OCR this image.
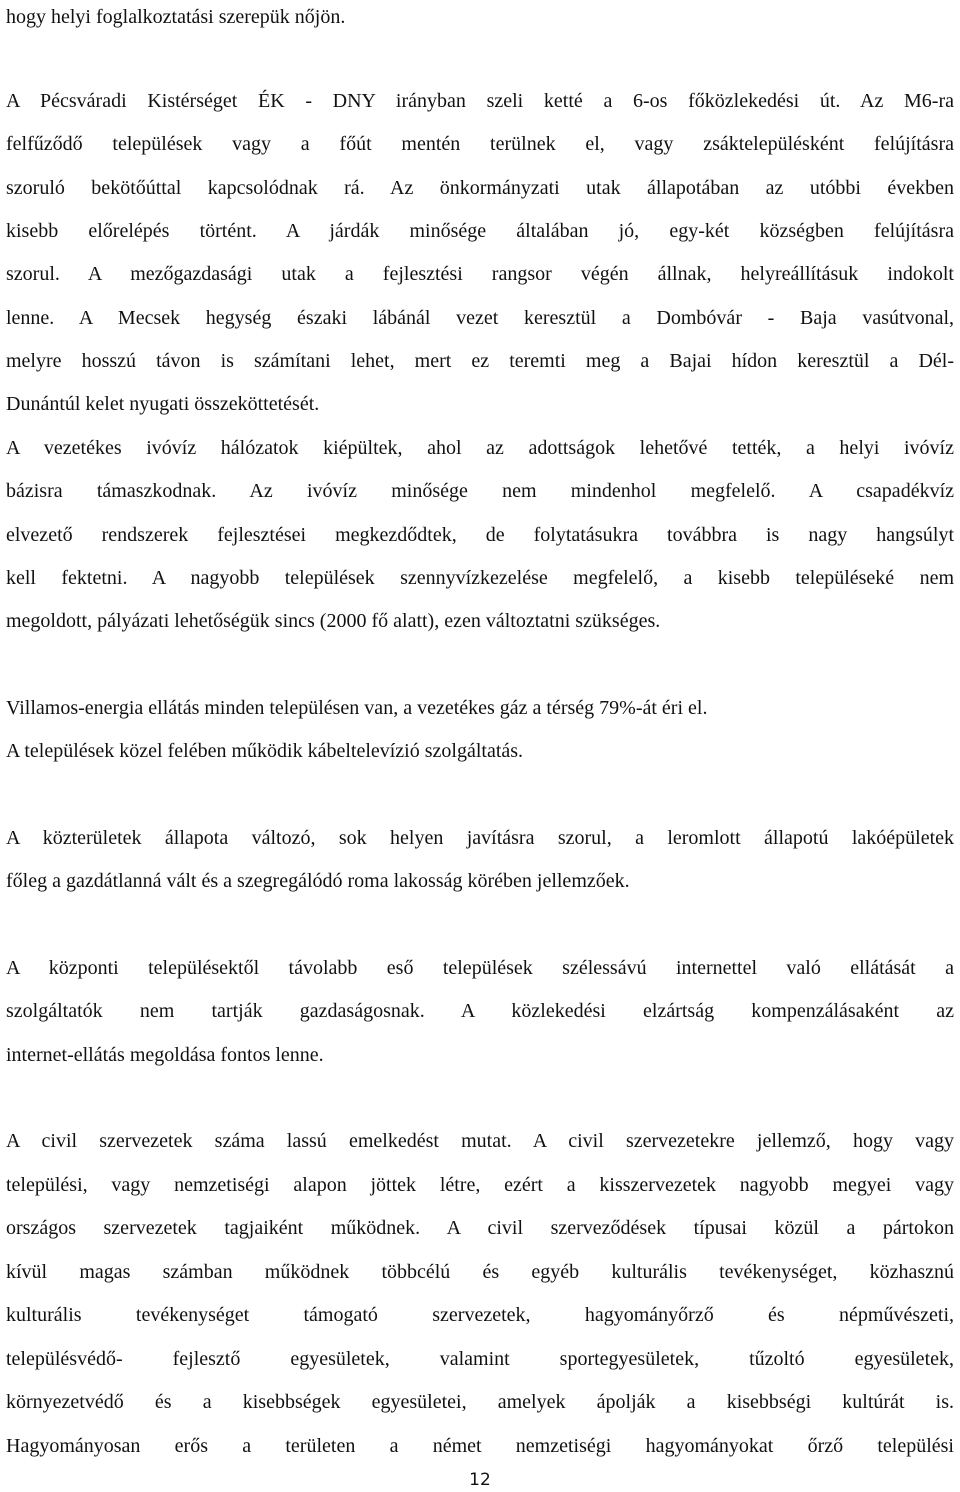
hogy helyi foglalkoztatási szerepük nőjön.
A Pécsváradi Kistérséget ÉK - DNY irányban szeli ketté a 6-os főközlekedési út. Az M6-ra
felfűződő települések vagy a főút mentén terülnek el, vagy zsáktelepülésként felújításra
szoruló bekötőúttal kapcsolódnak rá. Az önkormányzati utak állapotában az utóbbi években
kisebb előrelépés történt. A járdák minősége általában jó, egy-két községben felújításra
szorul. A mezőgazdasági utak a fejlesztési rangsor végén állnak, helyreállításuk indokolt
lenne. A Mecsek hegység északi lábánál vezet keresztül a Dombóvár - Baja vasútvonal,
melyre hosszú távon is számítani lehet, mert ez teremti meg a Bajai hídon keresztül a Dél-
Dunántúl kelet nyugati összeköttetését.
A vezetékes ivóvíz hálózatok kiépültek, ahol az adottságok lehetővé tették, a helyi ivóvíz
bázisra támaszkodnak. Az ivóvíz minősége nem mindenhol megfelelő. A csapadékvíz
elvezető rendszerek fejlesztései megkezdődtek, de folytatásukra továbbra is nagy hangsúlyt
kell fektetni. A nagyobb települések szennyvízkezelése megfelelő, a kisebb településeké nem
megoldott, pályázati lehetőségük sincs (2000 fő alatt), ezen változtatni szükséges.
Villamos-energia ellátás minden településen van, a vezetékes gáz a térség 79%-át éri el.
A települések közel felében működik kábeltelevízió szolgáltatás.
A közterületek állapota változó, sok helyen javításra szorul, a leromlott állapotú lakóépületek
főleg a gazdátlanná vált és a szegregálódó roma lakosság körében jellemzőek.
A központi településektől távolabb eső települések szélessávú internettel való ellátását a
szolgáltatók nem tartják gazdaságosnak. A közlekedési elzártság kompenzálásaként az
internet-ellátás megoldása fontos lenne.
A civil szervezetek száma lassú emelkedést mutat. A civil szervezetekre jellemző, hogy vagy
települési, vagy nemzetiségi alapon jöttek létre, ezért a kisszervezetek nagyobb megyei vagy
országos szervezetek tagjaiként működnek. A civil szerveződések típusai közül a pártokon
kívül magas számban működnek többcélú és egyéb kulturális tevékenységet, közhasznú
kulturális tevékenységet támogató szervezetek, hagyományőrző és népművészeti,
településvédő- fejlesztő egyesületek, valamint sportegyesületek, tűzoltó egyesületek,
környezetvédő és a kisebbségek egyesületei, amelyek ápolják a kisebbségi kultúrát is.
Hagyományosan erős a területen a német nemzetiségi hagyományokat őrző települési
12
